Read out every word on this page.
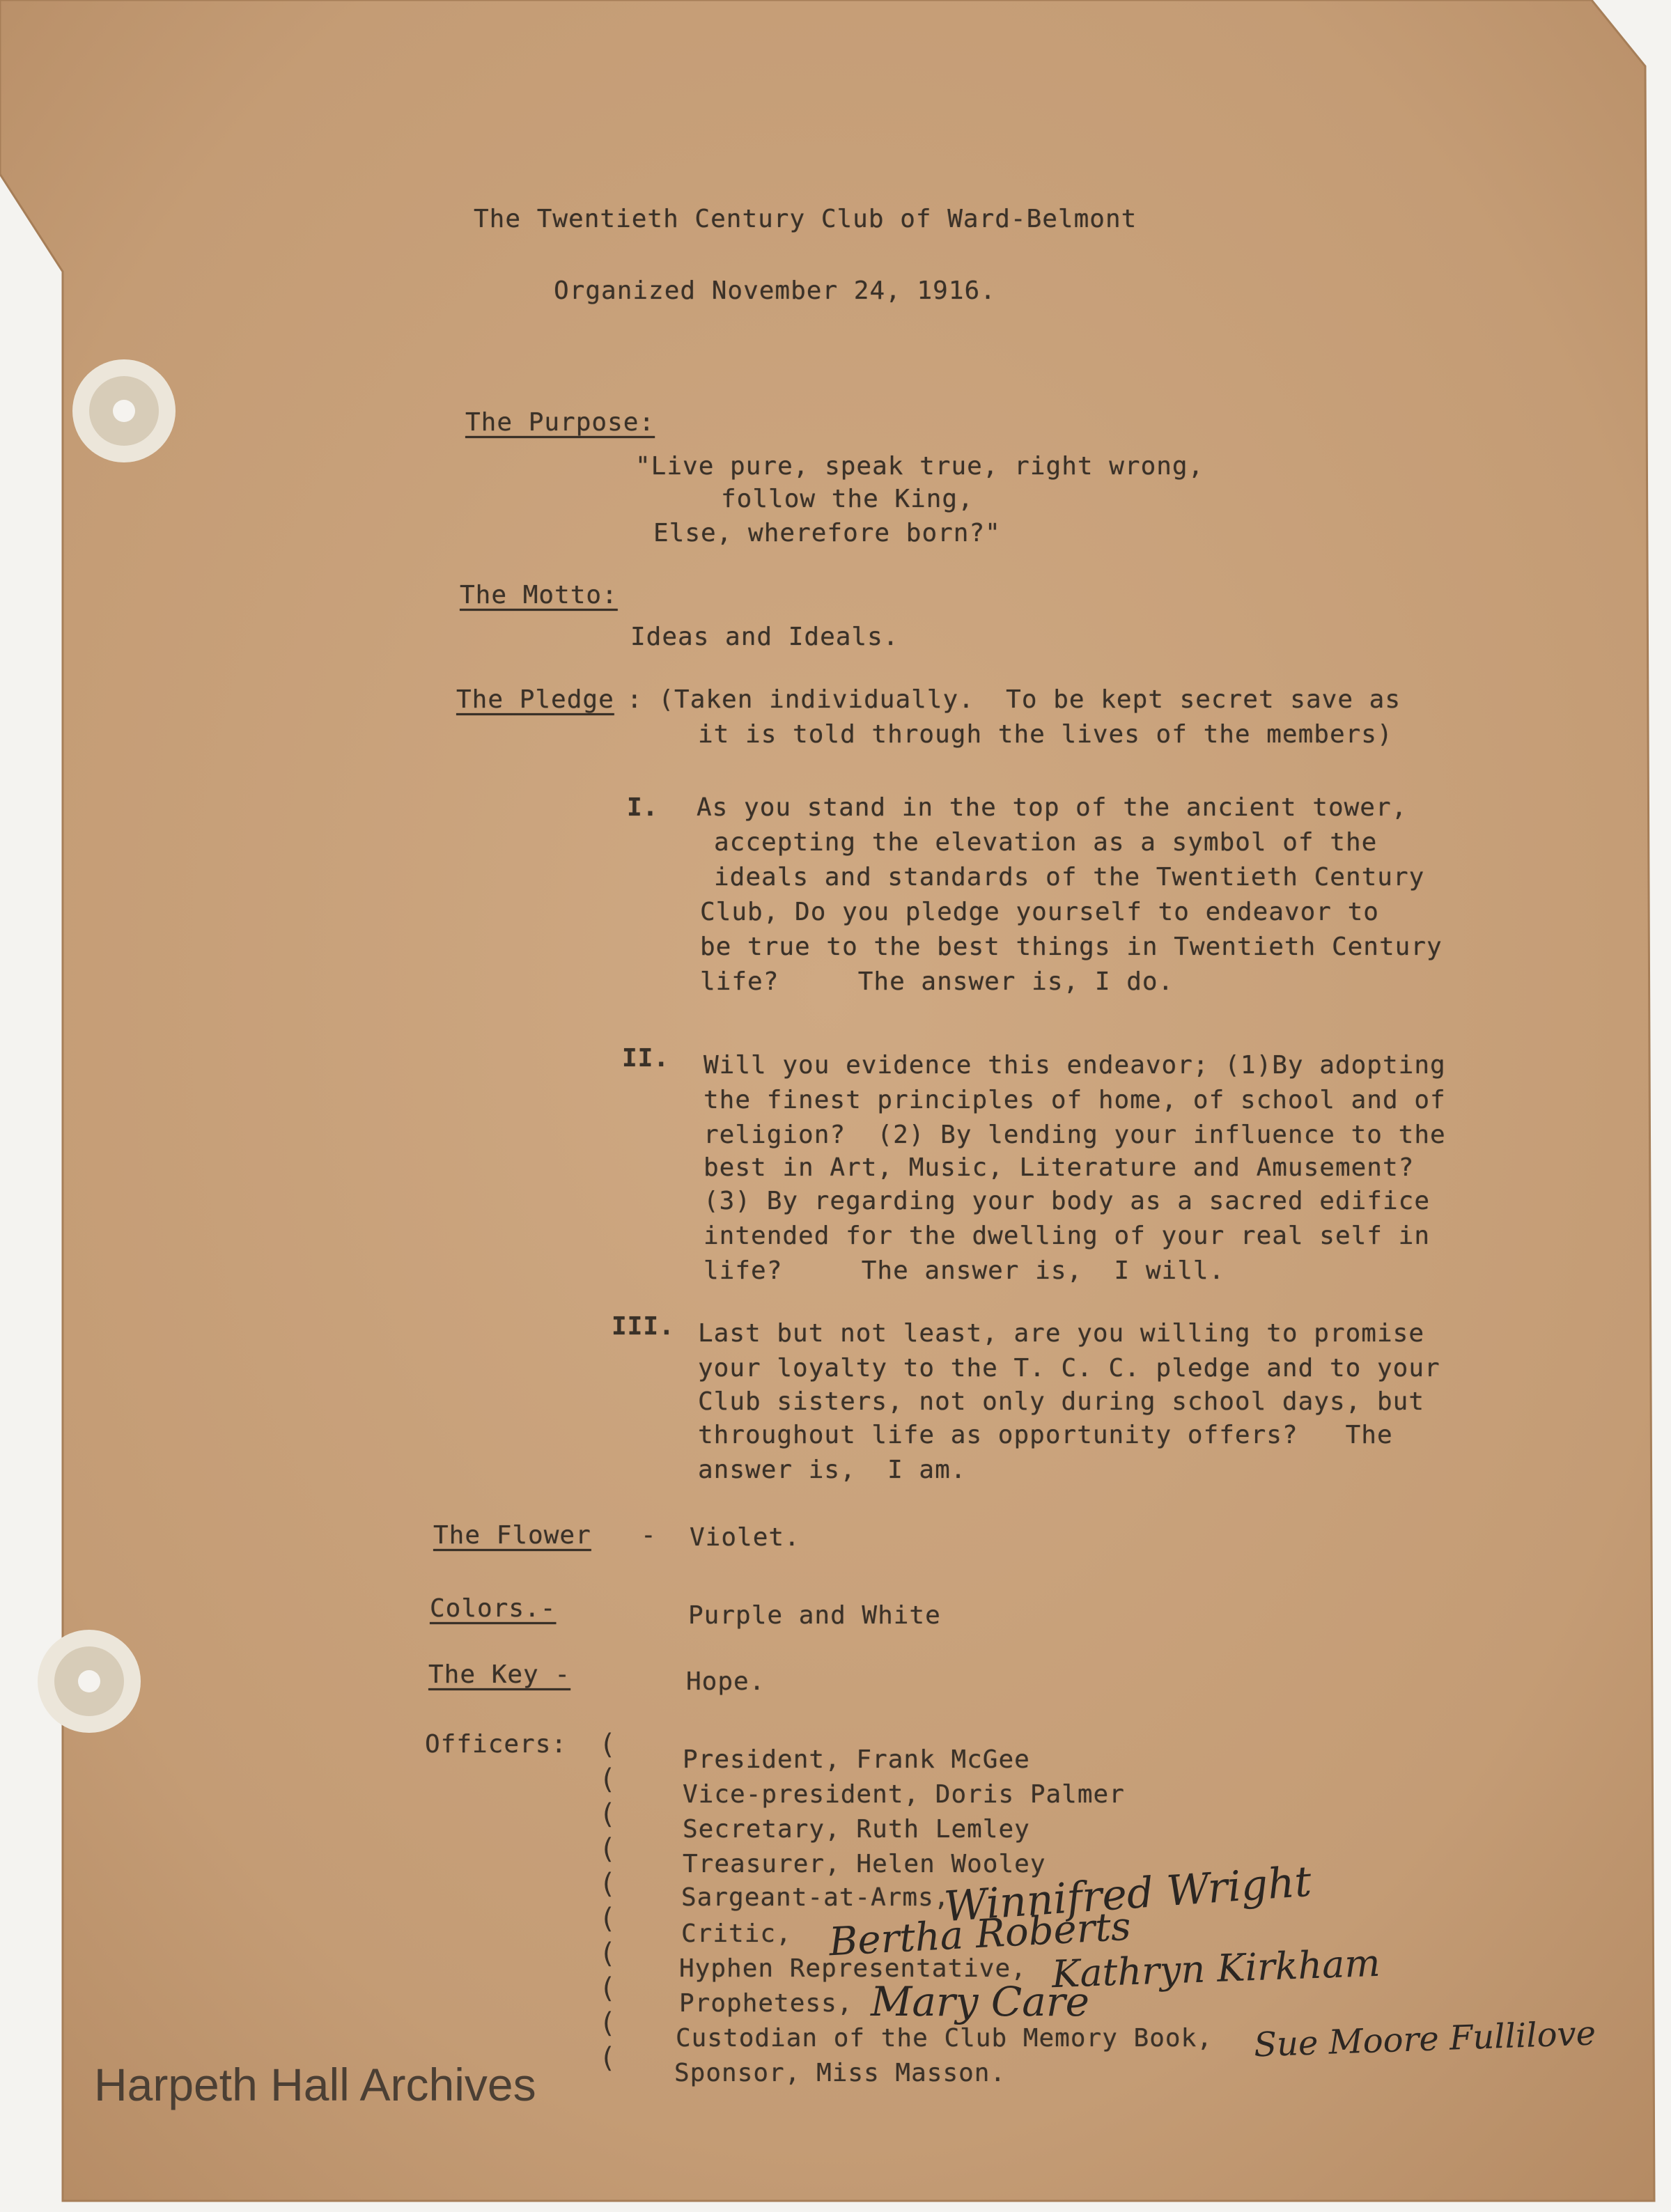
The Twentieth Century Club of Ward-Belmont
Organized November 24, 1916.
The Purpose:
"Live pure, speak true, right wrong,
follow the King,
Else, wherefore born?"
The Motto:
Ideas and Ideals.
The Pledge : (Taken individually.  To be kept secret save as
it is told through the lives of the members)
I. As you stand in the top of the ancient tower,
accepting the elevation as a symbol of the
ideals and standards of the Twentieth Century
Club, Do you pledge yourself to endeavor to
be true to the best things in Twentieth Century
life?     The answer is, I do.
II. Will you evidence this endeavor; (1)By adopting
the finest principles of home, of school and of
religion?  (2) By lending your influence to the
best in Art, Music, Literature and Amusement?
(3) By regarding your body as a sacred edifice
intended for the dwelling of your real self in
life?     The answer is,  I will.
III. Last but not least, are you willing to promise
your loyalty to the T. C. C. pledge and to your
Club sisters, not only during school days, but
throughout life as opportunity offers?   The
answer is,  I am.
The Flower - Violet.
Colors.-	Purple and White
The Key -	Hope.
Officers: (
(
(
(
(
(
(
(
(
(
President, Frank McGee
Vice-president, Doris Palmer
Secretary, Ruth Lemley
Treasurer, Helen Wooley
Sargeant-at-Arms,
Critic,
Hyphen Representative,
Prophetess,
Custodian of the Club Memory Book,
Sponsor, Miss Masson.
Winnifred Wright
Bertha Roberts
Kathryn Kirkham
Mary Care
Sue Moore Fullilove
Harpeth Hall Archives
